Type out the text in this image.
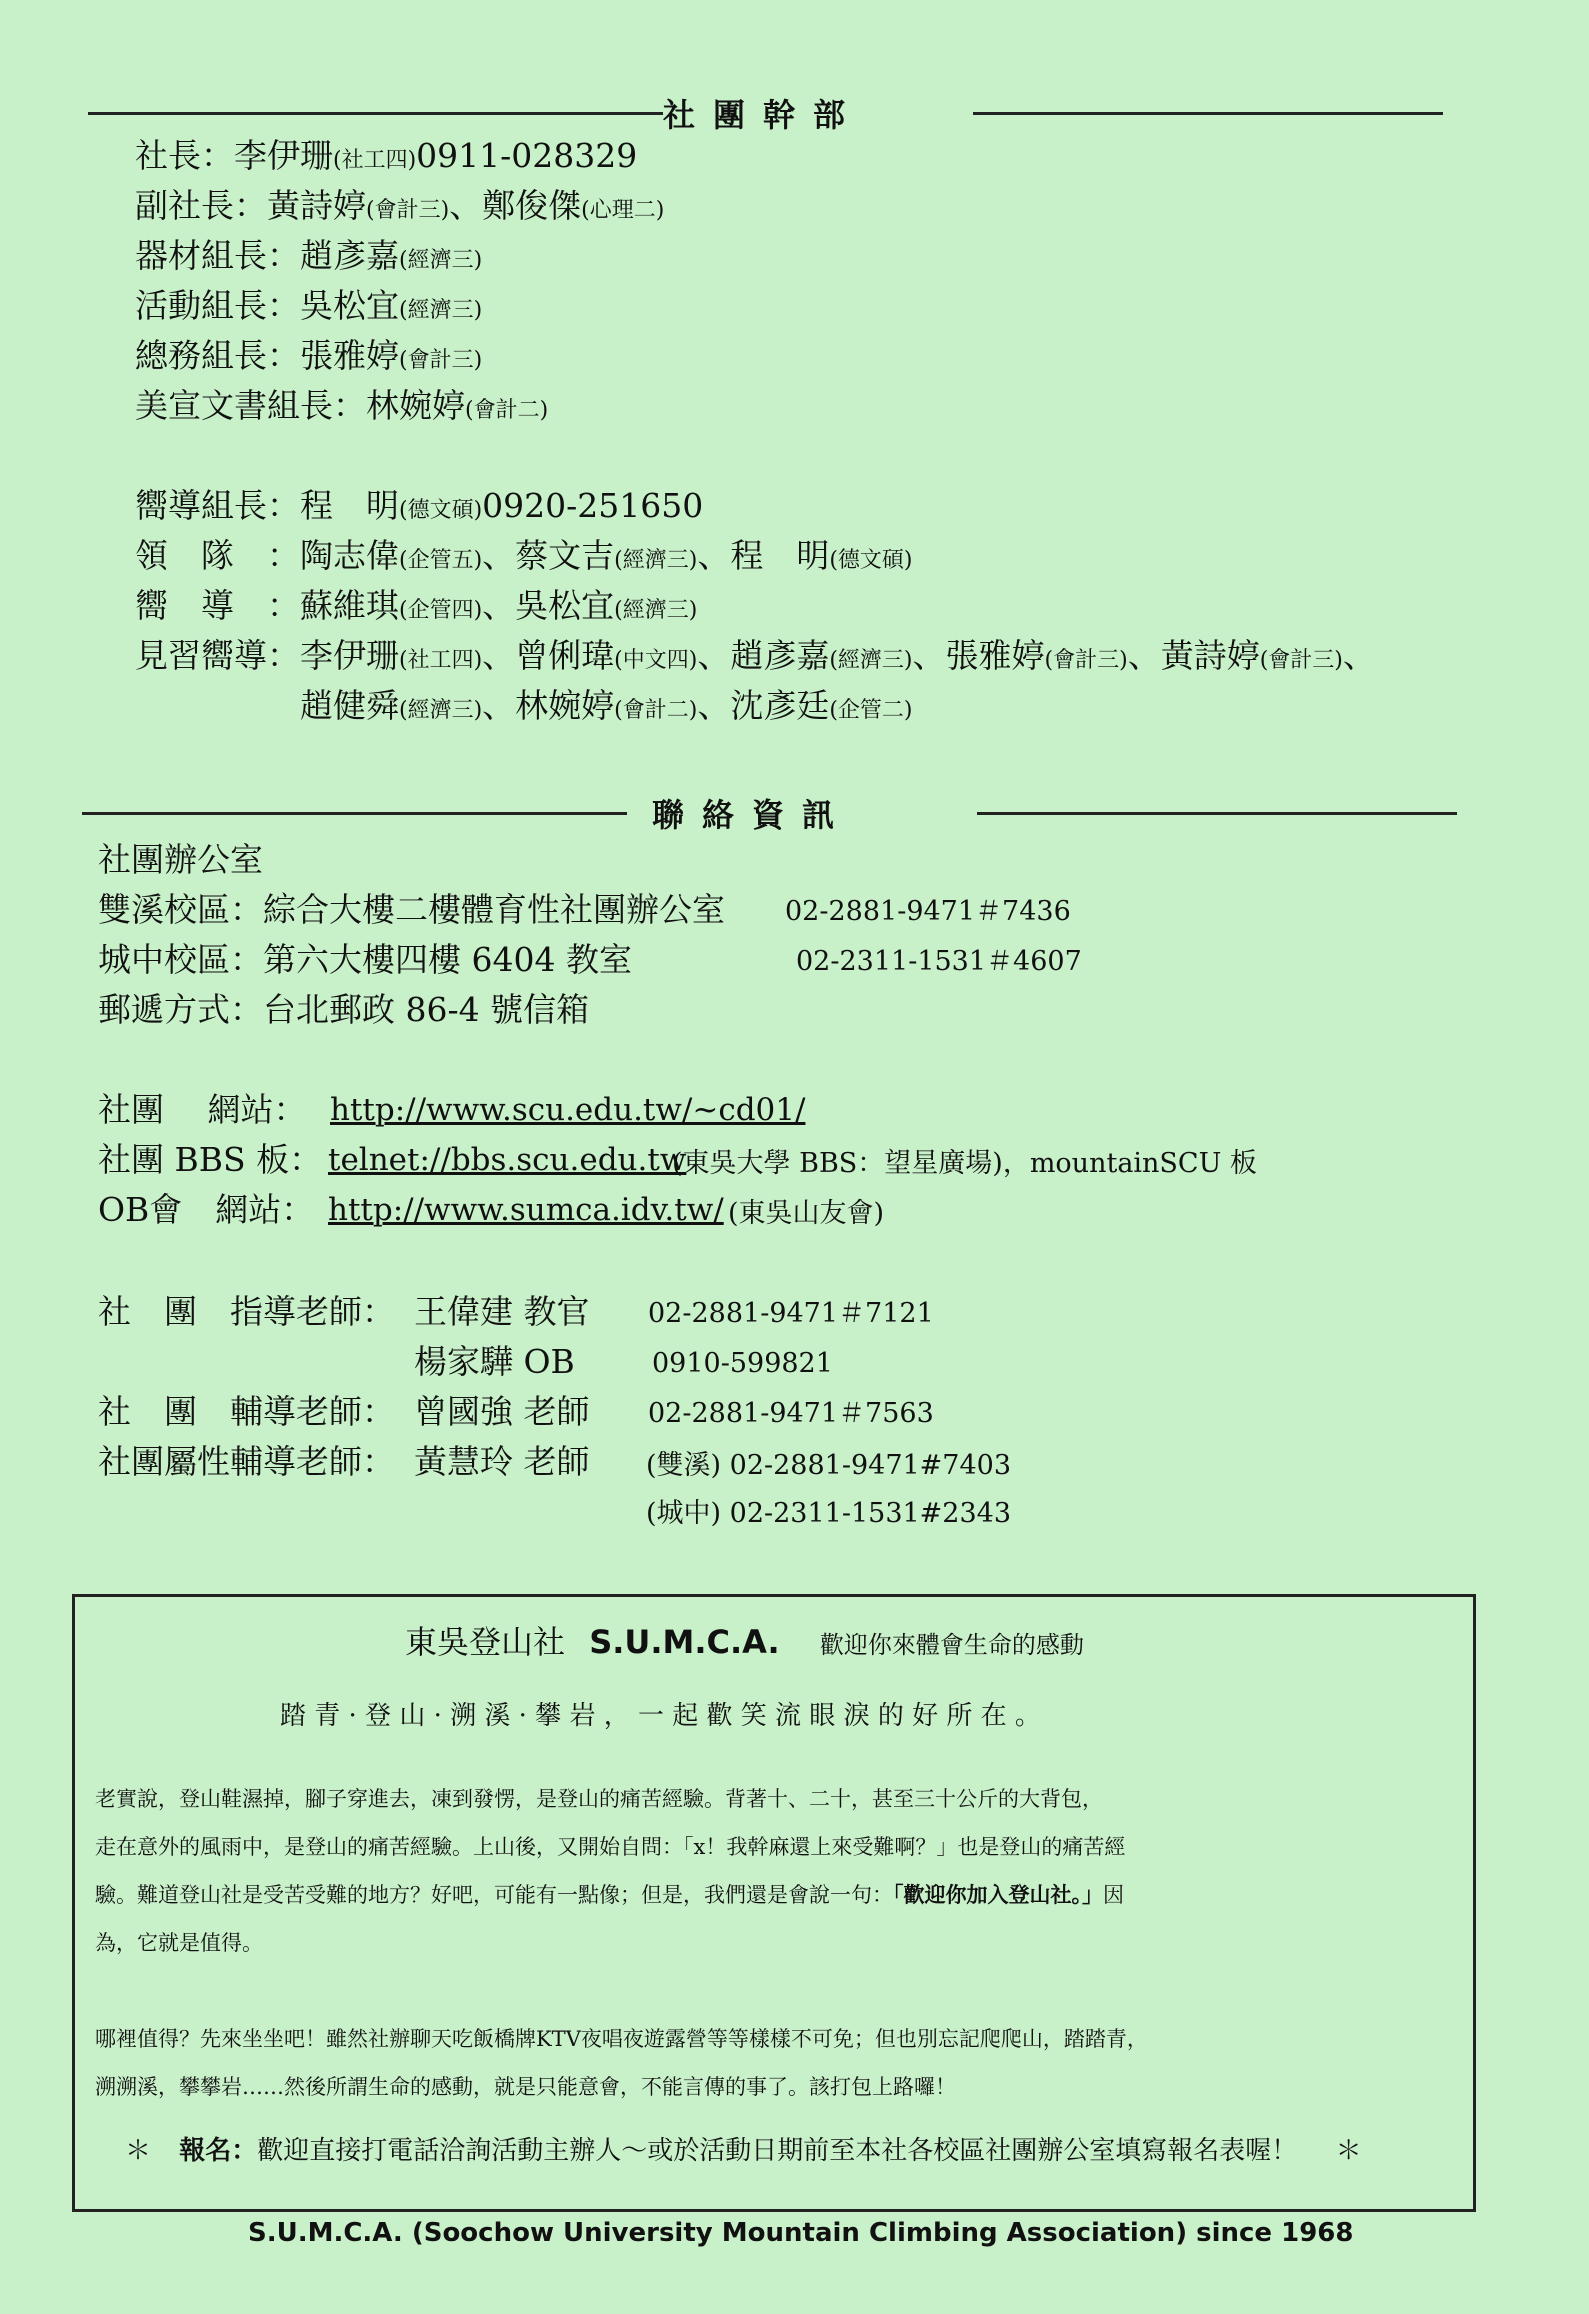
社團幹部
社長：李伊珊(社工四)0911-028329
副社長：黃詩婷(會計三)、鄭俊傑(心理二)
器材組長：趙彥嘉(經濟三)
活動組長：吳松宜(經濟三)
總務組長：張雅婷(會計三)
美宣文書組長：林婉婷(會計二)
嚮導組長：程　明(德文碩)0920-251650
領　隊　：陶志偉(企管五)、蔡文吉(經濟三)、程　明(德文碩)
嚮　導　：蘇維琪(企管四)、吳松宜(經濟三)
見習嚮導：李伊珊(社工四)、曾俐瑋(中文四)、趙彥嘉(經濟三)、張雅婷(會計三)、黃詩婷(會計三)、
趙健舜(經濟三)、林婉婷(會計二)、沈彥廷(企管二)
聯絡資訊
社團辦公室
雙溪校區：綜合大樓二樓體育性社團辦公室 02-2881-9471＃7436
城中校區：第六大樓四樓 6404 教室	02-2311-1531＃4607
郵遞方式：台北郵政 86-4 號信箱
社團　 網站： http://www.scu.edu.tw/~cd01/
社團 BBS 板： telnet://bbs.scu.edu.tw
(東吳大學 BBS：望星廣場)，mountainSCU 板
OB會　網站： http://www.sumca.idv.tw/ (東吳山友會)
社　團　指導老師： 王偉建 教官 02-2881-9471＃7121
楊家驊 OB	0910-599821
社　團　輔導老師： 曾國強 老師 02-2881-9471＃7563
社團屬性輔導老師： 黃慧玲 老師 (雙溪) 02-2881-9471#7403
(城中) 02-2311-1531#2343
東吳登山社 S.U.M.C.A. 歡迎你來體會生命的感動
踏 青 · 登 山 · 溯 溪 · 攀 岩 ， 一 起 歡 笑 流 眼 淚 的 好 所 在 。
老實說，登山鞋濕掉，腳子穿進去，凍到發愣，是登山的痛苦經驗。背著十、二十，甚至三十公斤的大背包，
走在意外的風雨中，是登山的痛苦經驗。上山後，又開始自問：「x！我幹麻還上來受難啊？」也是登山的痛苦經
驗。難道登山社是受苦受難的地方？好吧，可能有一點像；但是，我們還是會說一句：「歡迎你加入登山社。」因
為，它就是值得。
哪裡值得？先來坐坐吧！雖然社辦聊天吃飯橋牌KTV夜唱夜遊露營等等樣樣不可免；但也別忘記爬爬山，踏踏青，
溯溯溪，攀攀岩……然後所謂生命的感動，就是只能意會，不能言傳的事了。該打包上路囉！
＊ 報名：歡迎直接打電話洽詢活動主辦人～或於活動日期前至本社各校區社團辦公室填寫報名表喔！ ＊
S.U.M.C.A. (Soochow University Mountain Climbing Association) since 1968
